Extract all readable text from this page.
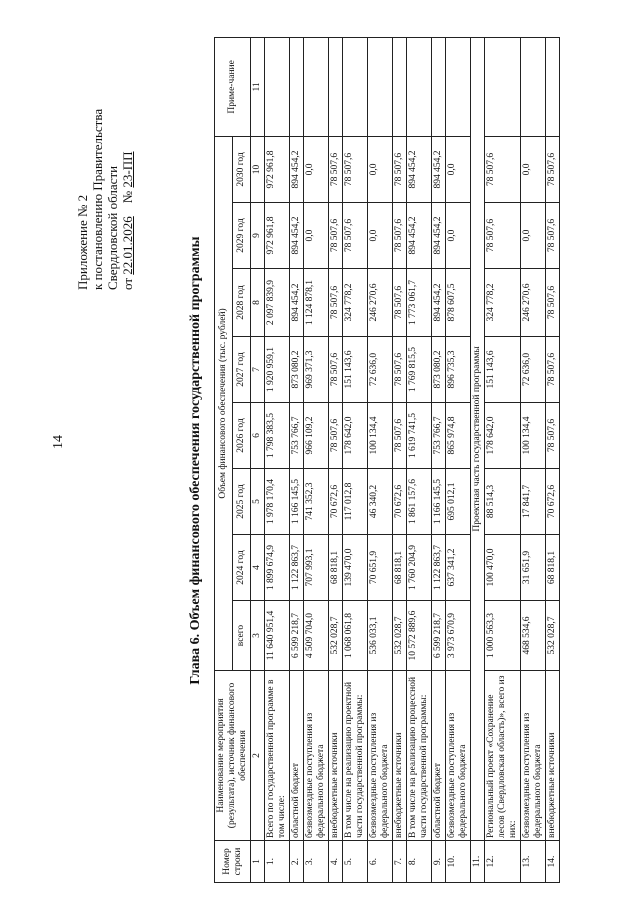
14
Приложение № 2 к постановлению Правительства Свердловской области от 22.01.2026    № 23-ПП
Глава 6. Объем финансового обеспечения государственной программы
Номер строки	Наименование мероприятия (результата), источник финансового обеспечения	Объем финансового обеспечения (тыс. рублей)								Приме-чание
		всего	2024 год	2025 год	2026 год	2027 год	2028 год	2029 год	2030 год	
1	2	3	4	5	6	7	8	9	10	11
1.	Всего по государственной программе в том числе:	11 640 951,4	1 899 674,9	1 978 170,4	1 798 383,5	1 920 959,1	2 097 839,9	972 961,8	972 961,8	
2.	областной бюджет	6 599 218,7	1 122 863,7	1 166 145,5	753 766,7	873 080,2	894 454,2	894 454,2	894 454,2	
3.	безвозмездные поступления из федерального бюджета	4 509 704,0	707 993,1	741 352,3	966 109,2	969 371,3	1 124 878,1	0,0	0,0	
4.	внебюджетные источники	532 028,7	68 818,1	70 672,6	78 507,6	78 507,6	78 507,6	78 507,6	78 507,6	
5.	В том числе на реализацию проектной части государственной программы:	1 068 061,8	139 470,0	117 012,8	178 642,0	151 143,6	324 778,2	78 507,6	78 507,6	
6.	безвозмездные поступления из федерального бюджета	536 033,1	70 651,9	46 340,2	100 134,4	72 636,0	246 270,6	0,0	0,0	
7.	внебюджетные источники	532 028,7	68 818,1	70 672,6	78 507,6	78 507,6	78 507,6	78 507,6	78 507,6	
8.	В том числе на реализацию процессной части государственной программы:	10 572 889,6	1 760 204,9	1 861 157,6	1 619 741,5	1 769 815,5	1 773 061,7	894 454,2	894 454,2	
9.	областной бюджет	6 599 218,7	1 122 863,7	1 166 145,5	753 766,7	873 080,2	894 454,2	894 454,2	894 454,2	
10.	безвозмездные поступления из федерального бюджета	3 973 670,9	637 341,2	695 012,1	865 974,8	896 735,3	878 607,5	0,0	0,0	
11.	Проектная часть государственной программы									
12.	Региональный проект «Сохранение лесов (Свердловская область)», всего из них:	1 000 563,3	100 470,0	88 514,3	178 642,0	151 143,6	324 778,2	78 507,6	78 507,6	
13.	безвозмездные поступления из федерального бюджета	468 534,6	31 651,9	17 841,7	100 134,4	72 636,0	246 270,6	0,0	0,0	
14.	внебюджетные источники	532 028,7	68 818,1	70 672,6	78 507,6	78 507,6	78 507,6	78 507,6	78 507,6	
